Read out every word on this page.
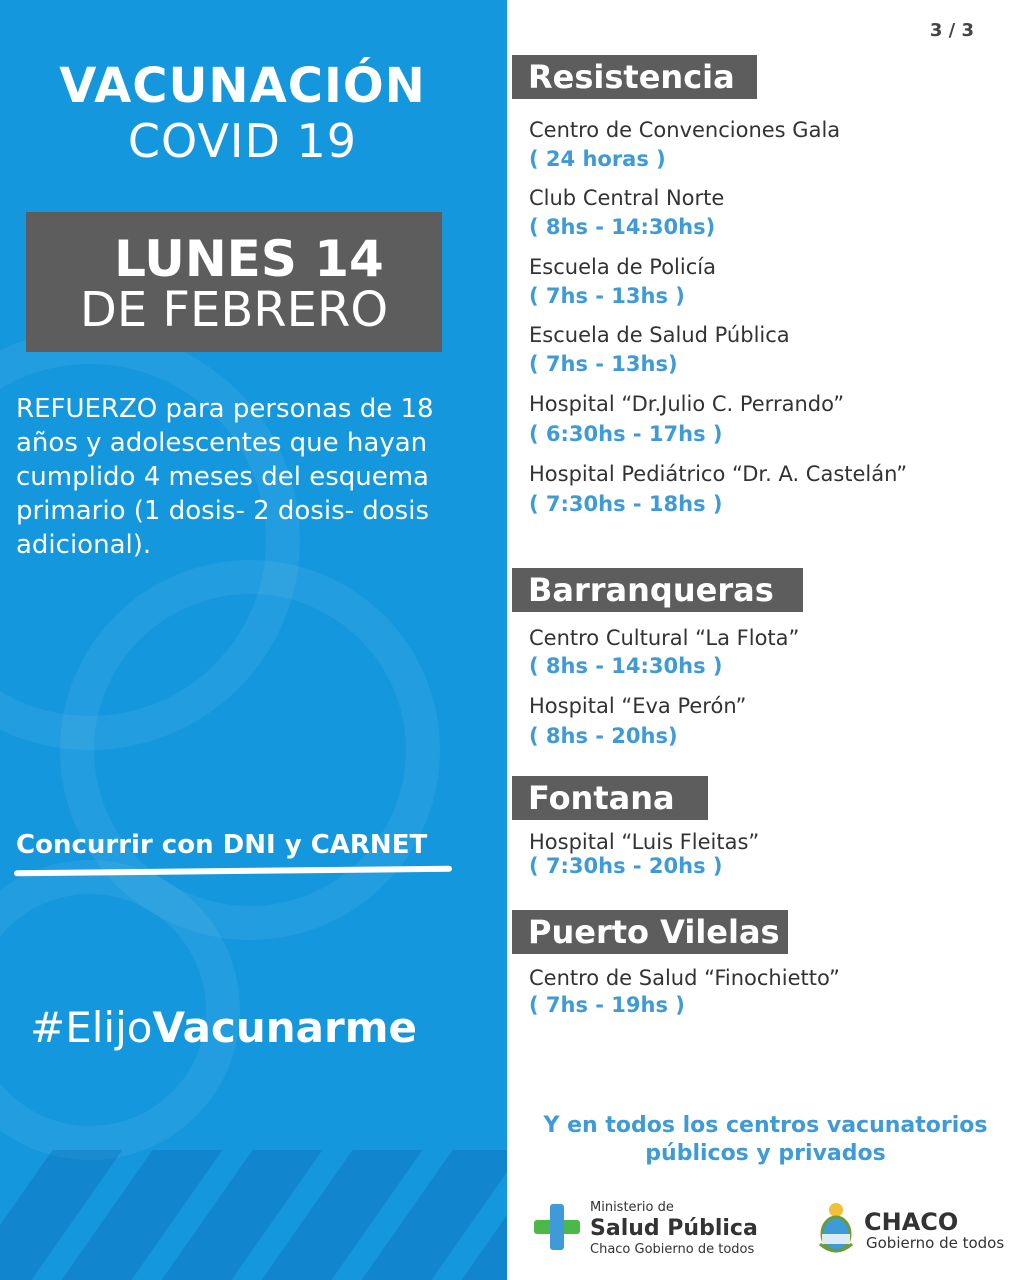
VACUNACIÓN
COVID 19
LUNES 14
DE FEBRERO
REFUERZO para personas de 18 años y adolescentes que hayan cumplido 4 meses del esquema primario (1 dosis- 2 dosis- dosis adicional).
Concurrir con DNI y CARNET
#ElijoVacunarme
3 / 3
Resistencia
Centro de Convenciones Gala
( 24 horas )
Club Central Norte
( 8hs - 14:30hs)
Escuela de Policía
( 7hs - 13hs )
Escuela de Salud Pública
( 7hs - 13hs)
Hospital “Dr.Julio C. Perrando”
( 6:30hs - 17hs )
Hospital Pediátrico “Dr. A. Castelán”
( 7:30hs - 18hs )
Barranqueras
Centro Cultural “La Flota”
( 8hs - 14:30hs )
Hospital “Eva Perón”
( 8hs - 20hs)
Fontana
Hospital “Luis Fleitas”
( 7:30hs - 20hs )
Puerto Vilelas
Centro de Salud “Finochietto”
( 7hs - 19hs )
Y en todos los centros vacunatorios
públicos y privados
Ministerio de
Salud Pública
Chaco Gobierno de todos
CHACO
Gobierno de todos
